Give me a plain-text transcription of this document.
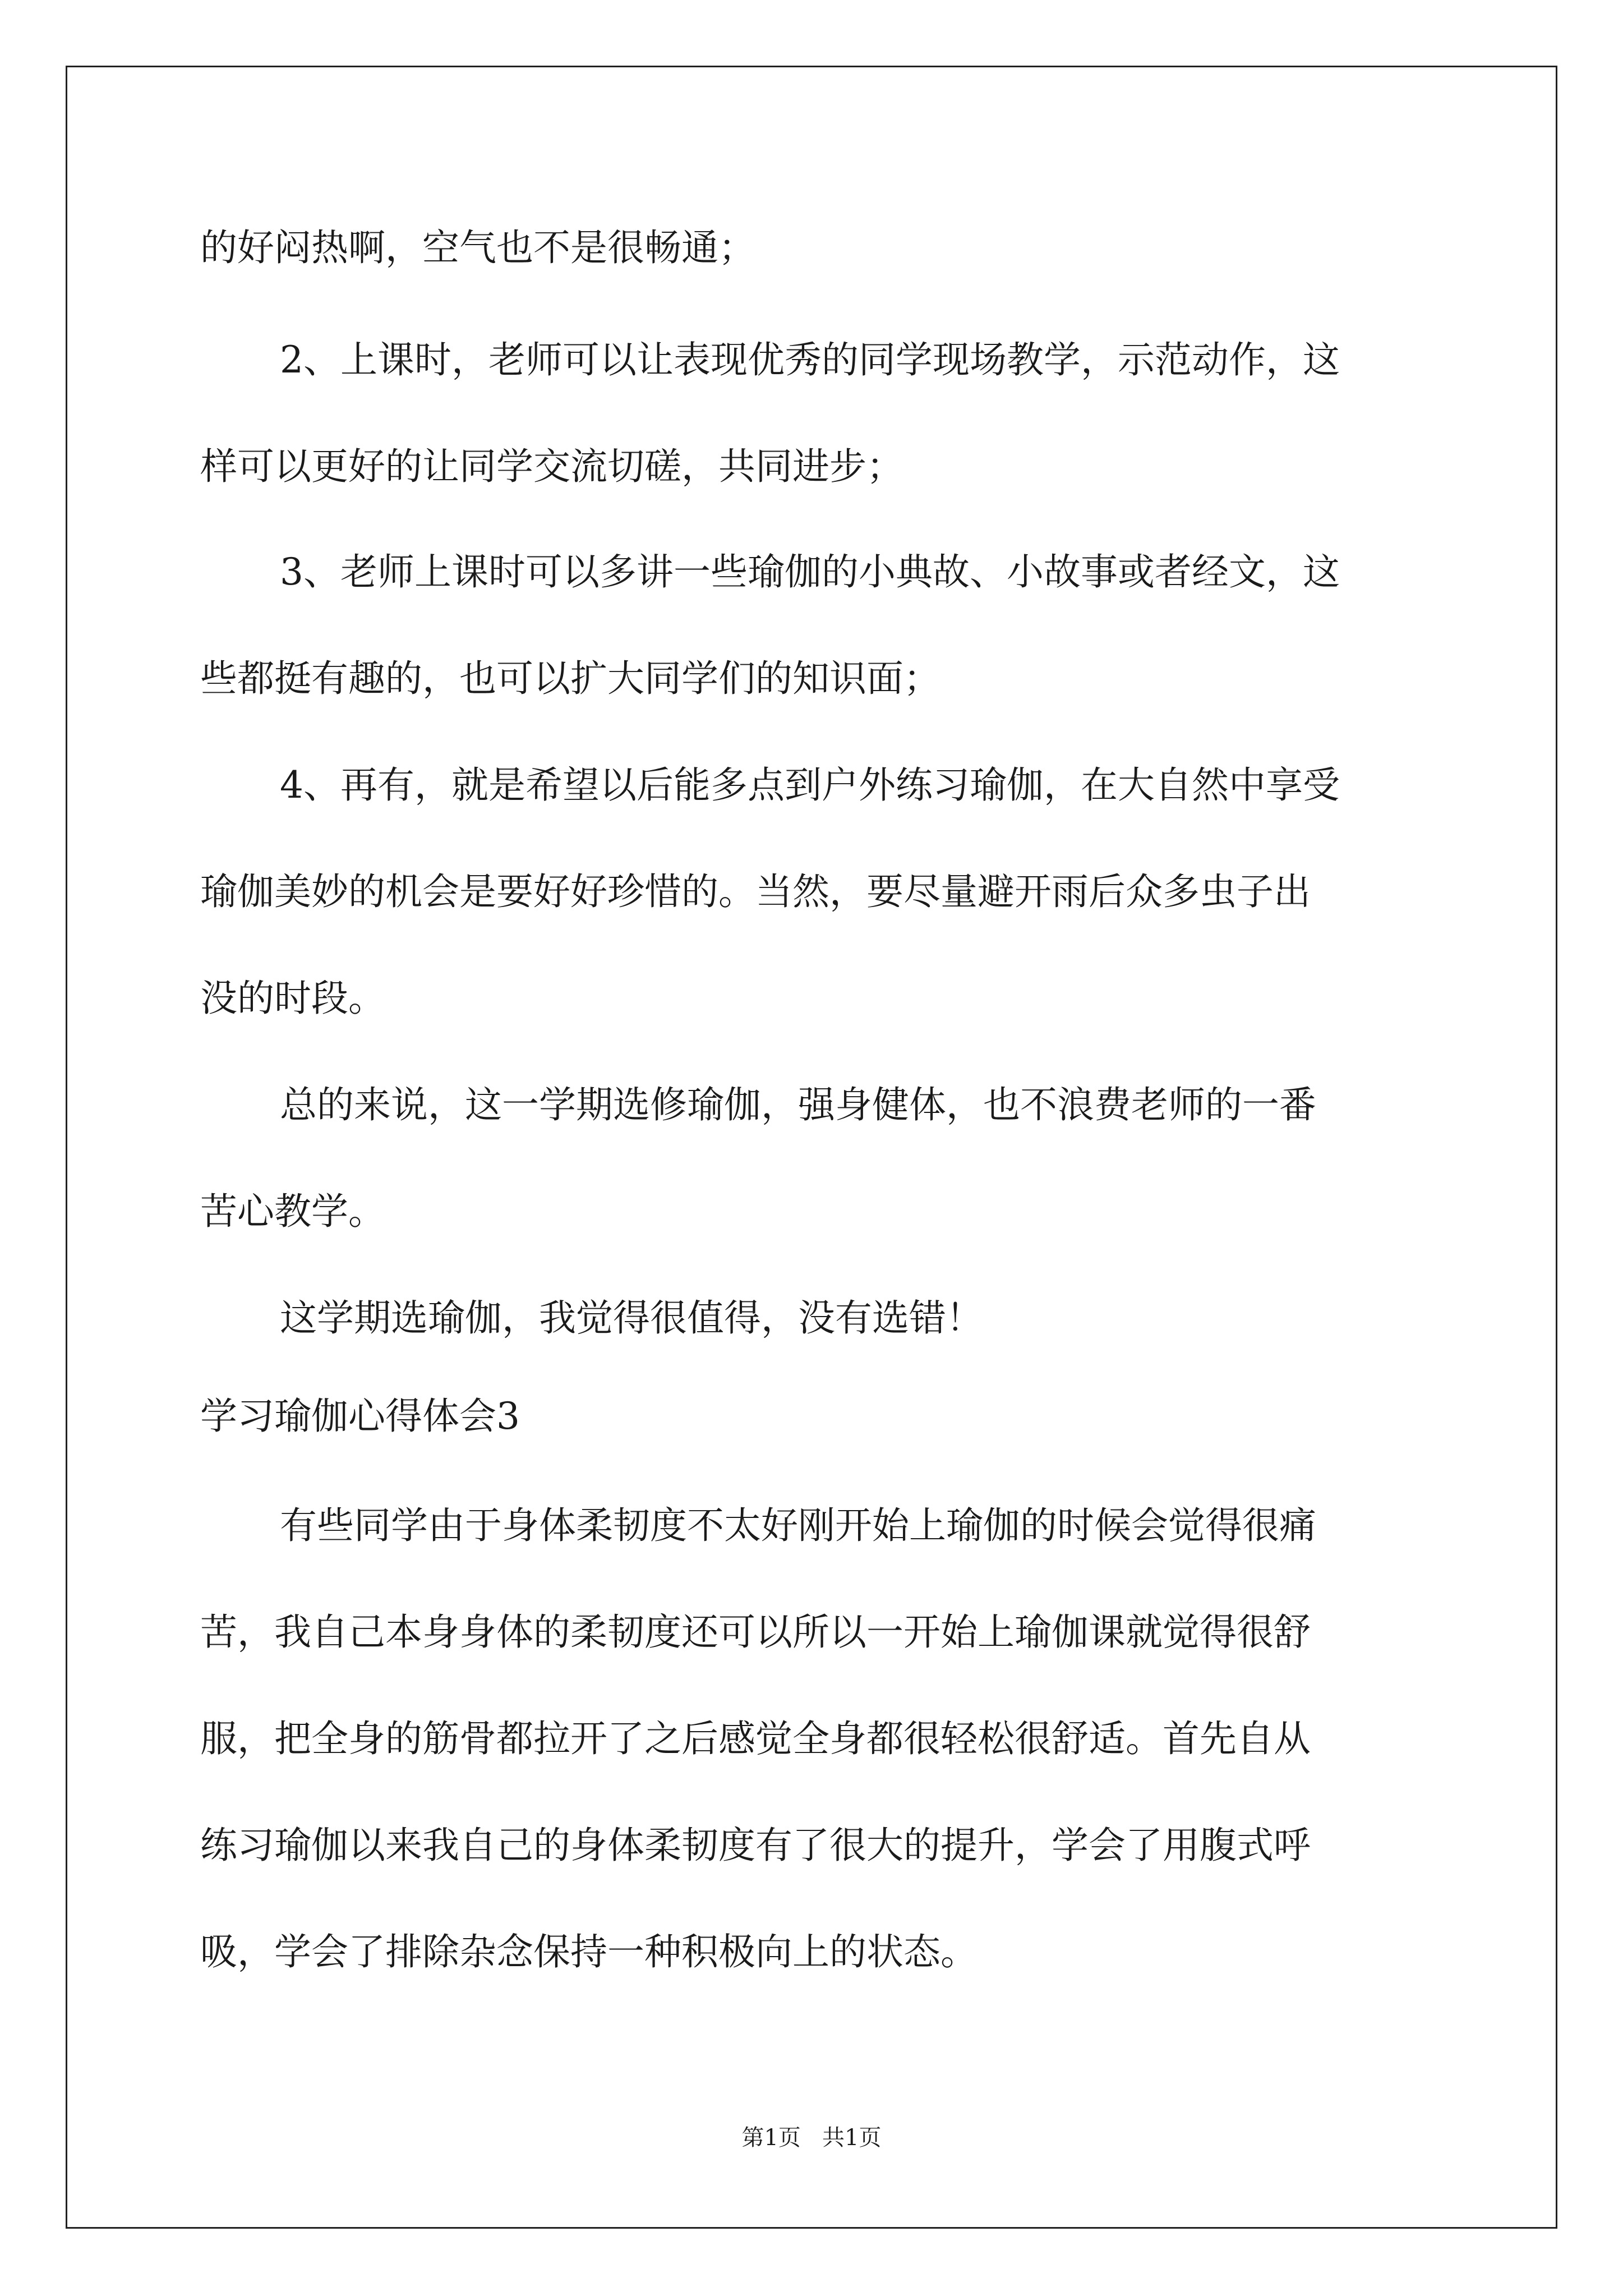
的好闷热啊，空气也不是很畅通；
2、上课时，老师可以让表现优秀的同学现场教学，示范动作，这
样可以更好的让同学交流切磋，共同进步；
3、老师上课时可以多讲一些瑜伽的小典故、小故事或者经文，这
些都挺有趣的，也可以扩大同学们的知识面；
4、再有，就是希望以后能多点到户外练习瑜伽，在大自然中享受
瑜伽美妙的机会是要好好珍惜的。当然，要尽量避开雨后众多虫子出
没的时段。
总的来说，这一学期选修瑜伽，强身健体，也不浪费老师的一番
苦心教学。
这学期选瑜伽，我觉得很值得，没有选错！
学习瑜伽心得体会3
有些同学由于身体柔韧度不太好刚开始上瑜伽的时候会觉得很痛
苦，我自己本身身体的柔韧度还可以所以一开始上瑜伽课就觉得很舒
服，把全身的筋骨都拉开了之后感觉全身都很轻松很舒适。首先自从
练习瑜伽以来我自己的身体柔韧度有了很大的提升，学会了用腹式呼
吸，学会了排除杂念保持一种积极向上的状态。
第1页   共1页
